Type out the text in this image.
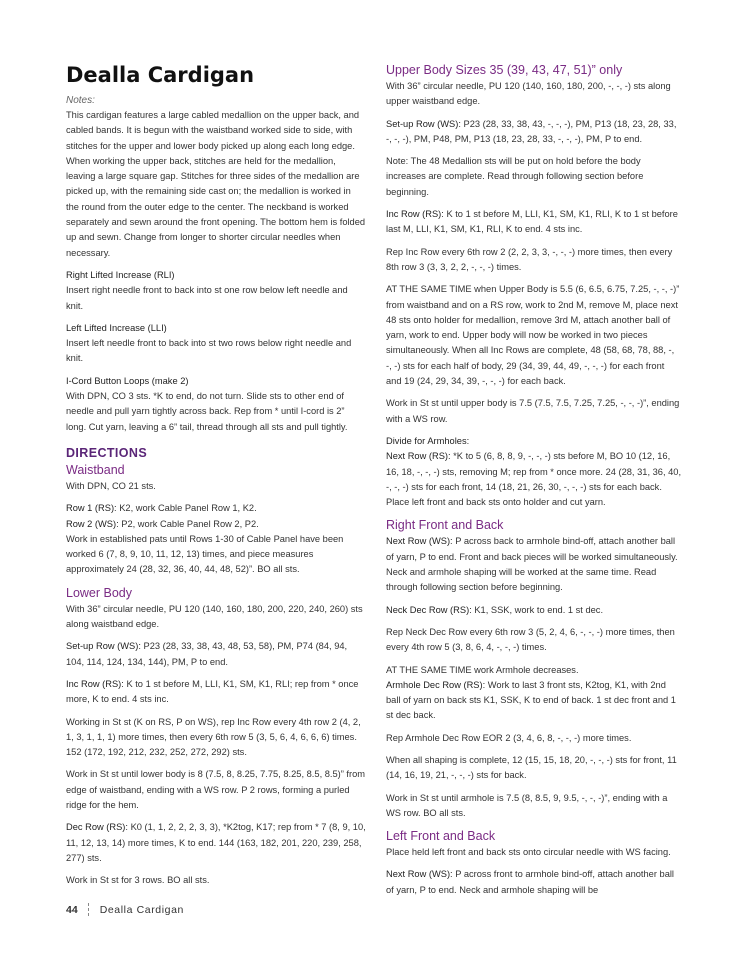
Dealla Cardigan
Notes:

This cardigan features a large cabled medallion on the upper back, and cabled bands. It is begun with the waistband worked side to side, with stitches for the upper and lower body picked up along each long edge. When working the upper back, stitches are held for the medallion, leaving a large square gap. Stitches for three sides of the medallion are picked up, with the remaining side cast on; the medallion is worked in the round from the outer edge to the center. The neckband is worked separately and sewn around the front opening. The bottom hem is folded up and sewn. Change from longer to shorter circular needles when necessary.

Right Lifted Increase (RLI)

Insert right needle front to back into st one row below left needle and knit.

Left Lifted Increase (LLI)

Insert left needle front to back into st two rows below right needle and knit.

I-Cord Button Loops (make 2)

With DPN, CO 3 sts. *K to end, do not turn. Slide sts to other end of needle and pull yarn tightly across back. Rep from * until I-cord is 2” long. Cut yarn, leaving a 6” tail, thread through all sts and pull tightly.

DIRECTIONS
Waistband

With DPN, CO 21 sts.

Row 1 (RS): K2, work Cable Panel Row 1, K2.

Row 2 (WS): P2, work Cable Panel Row 2, P2.

Work in established pats until Rows 1-30 of Cable Panel have been worked 6 (7, 8, 9, 10, 11, 12, 13) times, and piece measures approximately 24 (28, 32, 36, 40, 44, 48, 52)”. BO all sts.

Lower Body

With 36” circular needle, PU 120 (140, 160, 180, 200, 220, 240, 260) sts along waistband edge.

Set-up Row (WS): P23 (28, 33, 38, 43, 48, 53, 58), PM, P74 (84, 94, 104, 114, 124, 134, 144), PM, P to end.

Inc Row (RS): K to 1 st before M, LLI, K1, SM, K1, RLI; rep from * once more, K to end. 4 sts inc.

Working in St st (K on RS, P on WS), rep Inc Row every 4th row 2 (4, 2, 1, 3, 1, 1, 1) more times, then every 6th row 5 (3, 5, 6, 4, 6, 6, 6) times. 152 (172, 192, 212, 232, 252, 272, 292) sts.

Work in St st until lower body is 8 (7.5, 8, 8.25, 7.75, 8.25, 8.5, 8.5)” from edge of waistband, ending with a WS row. P 2 rows, forming a purled ridge for the hem.

Dec Row (RS): K0 (1, 1, 2, 2, 2, 3, 3), *K2tog, K17; rep from * 7 (8, 9, 10, 11, 12, 13, 14) more times, K to end. 144 (163, 182, 201, 220, 239, 258, 277) sts.

Work in St st for 3 rows. BO all sts.

Upper Body Sizes 35 (39, 43, 47, 51)” only

With 36” circular needle, PU 120 (140, 160, 180, 200, -, -, -) sts along upper waistband edge.

Set-up Row (WS): P23 (28, 33, 38, 43, -, -, -), PM, P13 (18, 23, 28, 33, -, -, -), PM, P48, PM, P13 (18, 23, 28, 33, -, -, -), PM, P to end.

Note: The 48 Medallion sts will be put on hold before the body increases are complete. Read through following section before beginning.

Inc Row (RS): K to 1 st before M, LLI, K1, SM, K1, RLI, K to 1 st before last M, LLI, K1, SM, K1, RLI, K to end. 4 sts inc.

Rep Inc Row every 6th row 2 (2, 2, 3, 3, -, -, -) more times, then every 8th row 3 (3, 3, 2, 2, -, -, -) times.

AT THE SAME TIME when Upper Body is 5.5 (6, 6.5, 6.75, 7.25, -, -, -)” from waistband and on a RS row, work to 2nd M, remove M, place next 48 sts onto holder for medallion, remove 3rd M, attach another ball of yarn, work to end. Upper body will now be worked in two pieces simultaneously. When all Inc Rows are complete, 48 (58, 68, 78, 88, -, -, -) sts for each half of body, 29 (34, 39, 44, 49, -, -, -) for each front and 19 (24, 29, 34, 39, -, -, -) for each back.

Work in St st until upper body is 7.5 (7.5, 7.5, 7.25, 7.25, -, -, -)”, ending with a WS row.

Divide for Armholes:

Next Row (RS): *K to 5 (6, 8, 8, 9, -, -, -) sts before M, BO 10 (12, 16, 16, 18, -, -, -) sts, removing M; rep from * once more. 24 (28, 31, 36, 40, -, -, -) sts for each front, 14 (18, 21, 26, 30, -, -, -) sts for each back. Place left front and back sts onto holder and cut yarn.

Right Front and Back

Next Row (WS): P across back to armhole bind-off, attach another ball of yarn, P to end. Front and back pieces will be worked simultaneously. Neck and armhole shaping will be worked at the same time. Read through following section before beginning.

Neck Dec Row (RS): K1, SSK, work to end. 1 st dec.

Rep Neck Dec Row every 6th row 3 (5, 2, 4, 6, -, -, -) more times, then every 4th row 5 (3, 8, 6, 4, -, -, -) times.

AT THE SAME TIME work Armhole decreases.

Armhole Dec Row (RS): Work to last 3 front sts, K2tog, K1, with 2nd ball of yarn on back sts K1, SSK, K to end of back. 1 st dec front and 1 st dec back.

Rep Armhole Dec Row EOR 2 (3, 4, 6, 8, -, -, -) more times.

When all shaping is complete, 12 (15, 15, 18, 20, -, -, -) sts for front, 11 (14, 16, 19, 21, -, -, -) sts for back.

Work in St st until armhole is 7.5 (8, 8.5, 9, 9.5, -, -, -)”, ending with a WS row. BO all sts.

Left Front and Back

Place held left front and back sts onto circular needle with WS facing.

Next Row (WS): P across front to armhole bind-off, attach another ball of yarn, P to end. Neck and armhole shaping will be

44 Dealla Cardigan
